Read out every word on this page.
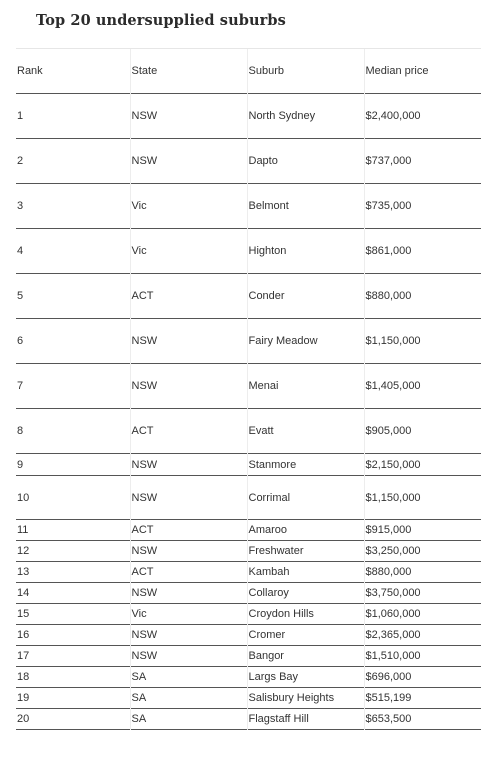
Top 20 undersupplied suburbs
Rank	State	Suburb	Median price
1	NSW	North Sydney	$2,400,000
2	NSW	Dapto	$737,000
3	Vic	Belmont	$735,000
4	Vic	Highton	$861,000
5	ACT	Conder	$880,000
6	NSW	Fairy Meadow	$1,150,000
7	NSW	Menai	$1,405,000
8	ACT	Evatt	$905,000
9	NSW	Stanmore	$2,150,000
10	NSW	Corrimal	$1,150,000
11	ACT	Amaroo	$915,000
12	NSW	Freshwater	$3,250,000
13	ACT	Kambah	$880,000
14	NSW	Collaroy	$3,750,000
15	Vic	Croydon Hills	$1,060,000
16	NSW	Cromer	$2,365,000
17	NSW	Bangor	$1,510,000
18	SA	Largs Bay	$696,000
19	SA	Salisbury Heights	$515,199
20	SA	Flagstaff Hill	$653,500
